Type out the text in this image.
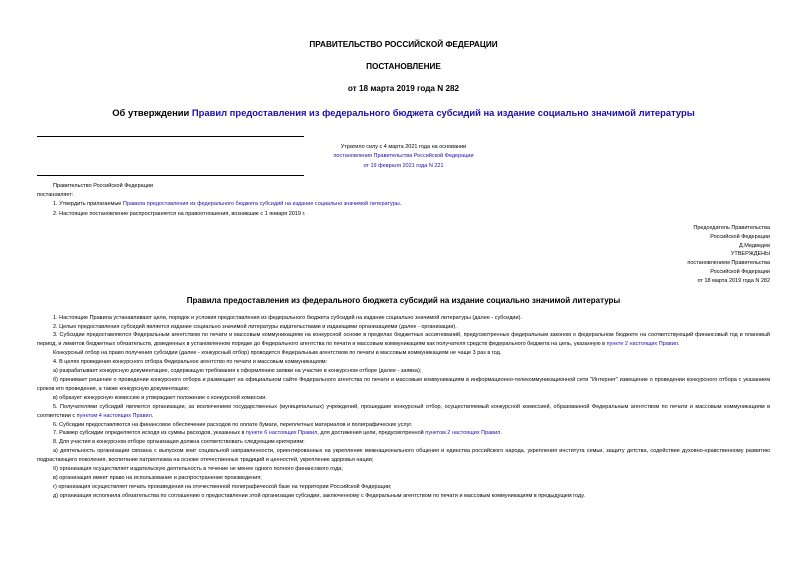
ПРАВИТЕЛЬСТВО РОССИЙСКОЙ ФЕДЕРАЦИИ
ПОСТАНОВЛЕНИЕ
от 18 марта 2019 года N 282
Об утверждении Правил предоставления из федерального бюджета субсидий на издание социально значимой литературы
Утратило силу с 4 марта 2021 года на основании
постановления Правительства Российской Федерации
от 19 февраля 2021 года N 221
Правительство Российской Федерации
постановляет:
1. Утвердить прилагаемые Правила предоставления из федерального бюджета субсидий на издание социально значимой литературы.
2. Настоящее постановление распространяется на правоотношения, возникшие с 1 января 2019 г.
Председатель Правительства
Российской Федерации
Д.Медведев
УТВЕРЖДЕНЫ
постановлением Правительства
Российской Федерации
от 18 марта 2019 года N 282
Правила предоставления из федерального бюджета субсидий на издание социально значимой литературы
1. Настоящие Правила устанавливают цели, порядок и условия предоставления из федерального бюджета субсидий на издание социально значимой литературы (далее - субсидии).
2. Целью предоставления субсидий является издание социально значимой литературы издательствами и издающими организациями (далее - организации).
3. Субсидии предоставляются Федеральным агентством по печати и массовым коммуникациям на конкурсной основе в пределах бюджетных ассигнований, предусмотренных федеральным законом о федеральном бюджете на соответствующий финансовый год и плановый период, и лимитов бюджетных обязательств, доведенных в установленном порядке до Федерального агентства по печати и массовым коммуникациям как получателя средств федерального бюджета на цель, указанную в пункте 2 настоящих Правил.
Конкурсный отбор на право получения субсидии (далее - конкурсный отбор) проводится Федеральным агентством по печати и массовым коммуникациям не чаще 3 раз в год.
4. В целях проведения конкурсного отбора Федеральное агентство по печати и массовым коммуникациям:
а) разрабатывает конкурсную документацию, содержащую требования к оформлению заявки на участие в конкурсном отборе (далее - заявка);
б) принимает решение о проведении конкурсного отбора и размещает на официальном сайте Федерального агентства по печати и массовым коммуникациям в информационно-телекоммуникационной сети "Интернет" извещение о проведении конкурсного отбора с указанием сроков его проведения, а также конкурсную документацию;
в) образует конкурсную комиссию и утверждает положение о конкурсной комиссии.
5. Получателями субсидий являются организации, за исключением государственных (муниципальных) учреждений, прошедшие конкурсный отбор, осуществляемый конкурсной комиссией, образованной Федеральным агентством по печати и массовым коммуникациям в соответствии с пунктом 4 настоящих Правил.
6. Субсидии предоставляются на финансовое обеспечение расходов по оплате бумаги, переплетных материалов и полиграфических услуг.
7. Размер субсидии определяется исходя из суммы расходов, указанных в пункте 6 настоящих Правил, для достижения цели, предусмотренной пунктом 2 настоящих Правил.
8. Для участия в конкурсном отборе организация должна соответствовать следующим критериям:
а) деятельность организации связана с выпуском книг социальной направленности, ориентированных на укрепление межнационального общения и единства российского народа, укрепления института семьи, защиту детства, содействие духовно-нравственному развитию подрастающего поколения, воспитание патриотизма на основе отечественных традиций и ценностей, укрепление здоровья нации;
б) организация осуществляет издательскую деятельность в течение не менее одного полного финансового года;
в) организация имеет право на использование и распространение произведения;
г) организация осуществляет печать произведения на отечественной полиграфической базе на территории Российской Федерации;
д) организация исполнила обязательства по соглашению о предоставлении этой организации субсидии, заключенному с Федеральным агентством по печати и массовым коммуникациям в предыдущем году.
